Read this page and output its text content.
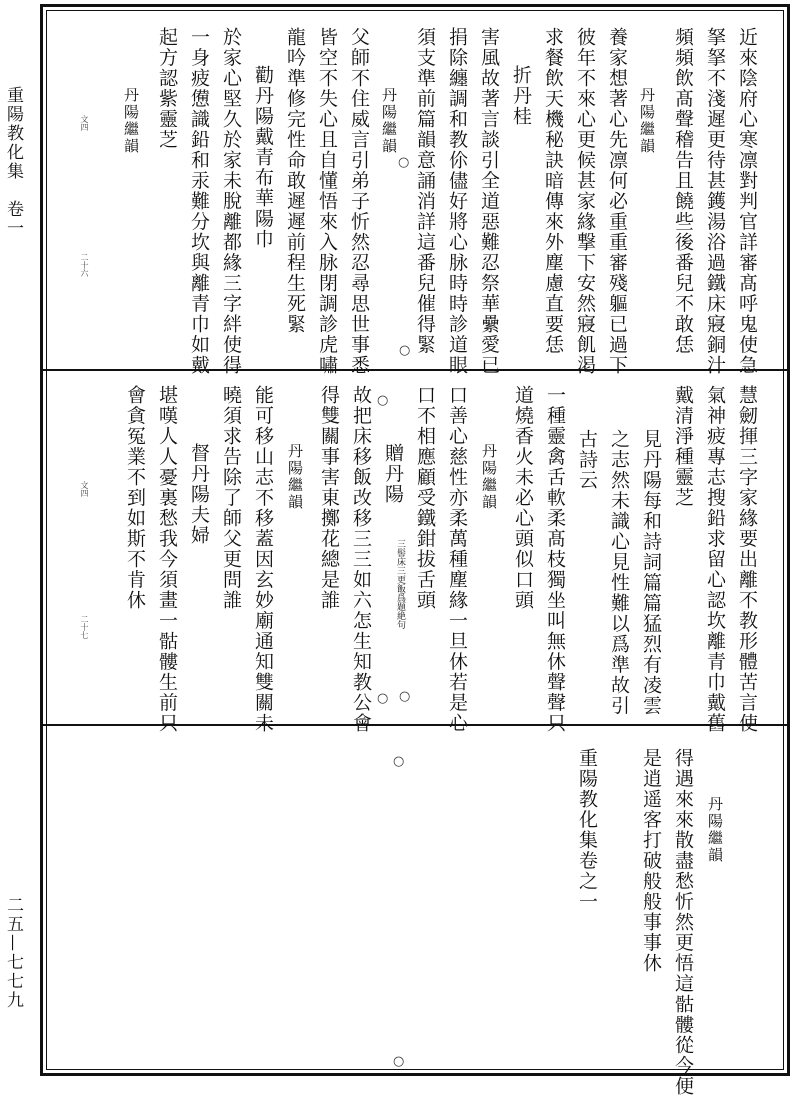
重陽教化集　卷一
二五—七七九
近來陰府心寒凛對判官詳審髙呼鬼使急
拏拏不淺遲更待甚鑊湯浴過鐵床寢銅汁
頻頻飲髙聲稽告且饒些後番兒不敢恁
丹陽繼韻
養家想著心先凛何必重重審殘軀已過下
彼年不來心更候甚家緣撃下安然寢飢渇
求餐飲天機秘訣暗傳來外塵慮直要恁
折丹桂
害風故著言談引全道惡難忍祭華纍愛已
捐除纏調和教伱儘好將心脉時時診道眼
須支準前篇韻意誦消詳這番兒催得緊
丹陽繼韻
父師不住威言引弟子忻然忍尋思世事悉
皆空不失心且自懂悟來入脉閉調診虎嘯
龍吟準修完性命敢遲遲前程生死緊
勸丹陽戴青布華陽巾
於家心堅久於家未脫離都緣三字絆使得
一身疲憊識鉛和汞難分坎與離青巾如戴
起方認紫靈芝
丹陽繼韻
○
○
文四
二十六
慧劒揮三字家緣要出離不教形體苦言使
氣神疲專志搜鉛求留心認坎離青巾戴舊
戴清淨種靈芝
見丹陽每和詩詞篇篇猛烈有凌雲
之志然未識心見性難以爲準故引
古詩云
一種靈禽舌軟柔髙枝獨坐叫無休聲聲只
道燒香火未必心頭似口頭
丹陽繼韻
口善心慈性亦柔萬種塵緣一旦休若是心
口不相應顧受鐵鉗拔舌頭
贈丹陽
三髻床三更飯爲題絶句
故把床移飯改移三三如六怎生知教公會
得雙關事害東擲花總是誰
丹陽繼韻
能可移山志不移蓋因玄妙廟通知雙關未
曉須求告除了師父更問誰
督丹陽夫婦
堪嘆人人憂裏愁我今須畫一骷髏生前只
會貪冤業不到如斯不肯休
○
○
○
文四
二十七
丹陽繼韻
得遇來來散盡愁忻然更悟這骷髏從今便
是逍遥客打破般般事事休
重陽教化集卷之一
○
○
